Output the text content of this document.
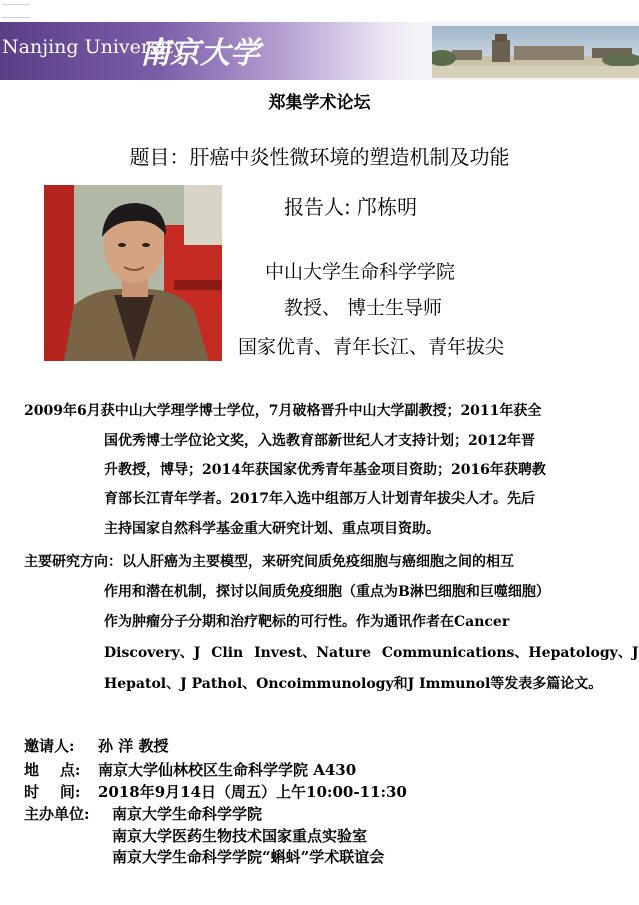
Nanjing University
南京大学
郑集学术论坛
题目：肝癌中炎性微环境的塑造机制及功能
报告人: 邝栋明
中山大学生命科学学院
教授、 博士生导师
国家优青、青年长江、青年拔尖
2009年6月获中山大学理学博士学位，7月破格晋升中山大学副教授；2011年获全
国优秀博士学位论文奖，入选教育部新世纪人才支持计划；2012年晋
升教授，博导；2014年获国家优秀青年基金项目资助；2016年获聘教
育部长江青年学者。2017年入选中组部万人计划青年拔尖人才。先后
主持国家自然科学基金重大研究计划、重点项目资助。
主要研究方向：以人肝癌为主要模型，来研究间质免疫细胞与癌细胞之间的相互
作用和潜在机制，探讨以间质免疫细胞（重点为B淋巴细胞和巨噬细胞）
作为肿瘤分子分期和治疗靶标的可行性。作为通讯作者在Cancer
Discovery、J Clin Invest、Nature Communications、Hepatology、J
Hepatol、J Pathol、Oncoimmunology和J Immunol等发表多篇论文。
邀请人: 孙 洋 教授
地    点: 南京大学仙林校区生命科学学院 A430
时    间: 2018年9月14日（周五）上午10:00-11:30
主办单位: 南京大学生命科学学院
南京大学医药生物技术国家重点实验室
南京大学生命科学学院“蝌蚪”学术联谊会
